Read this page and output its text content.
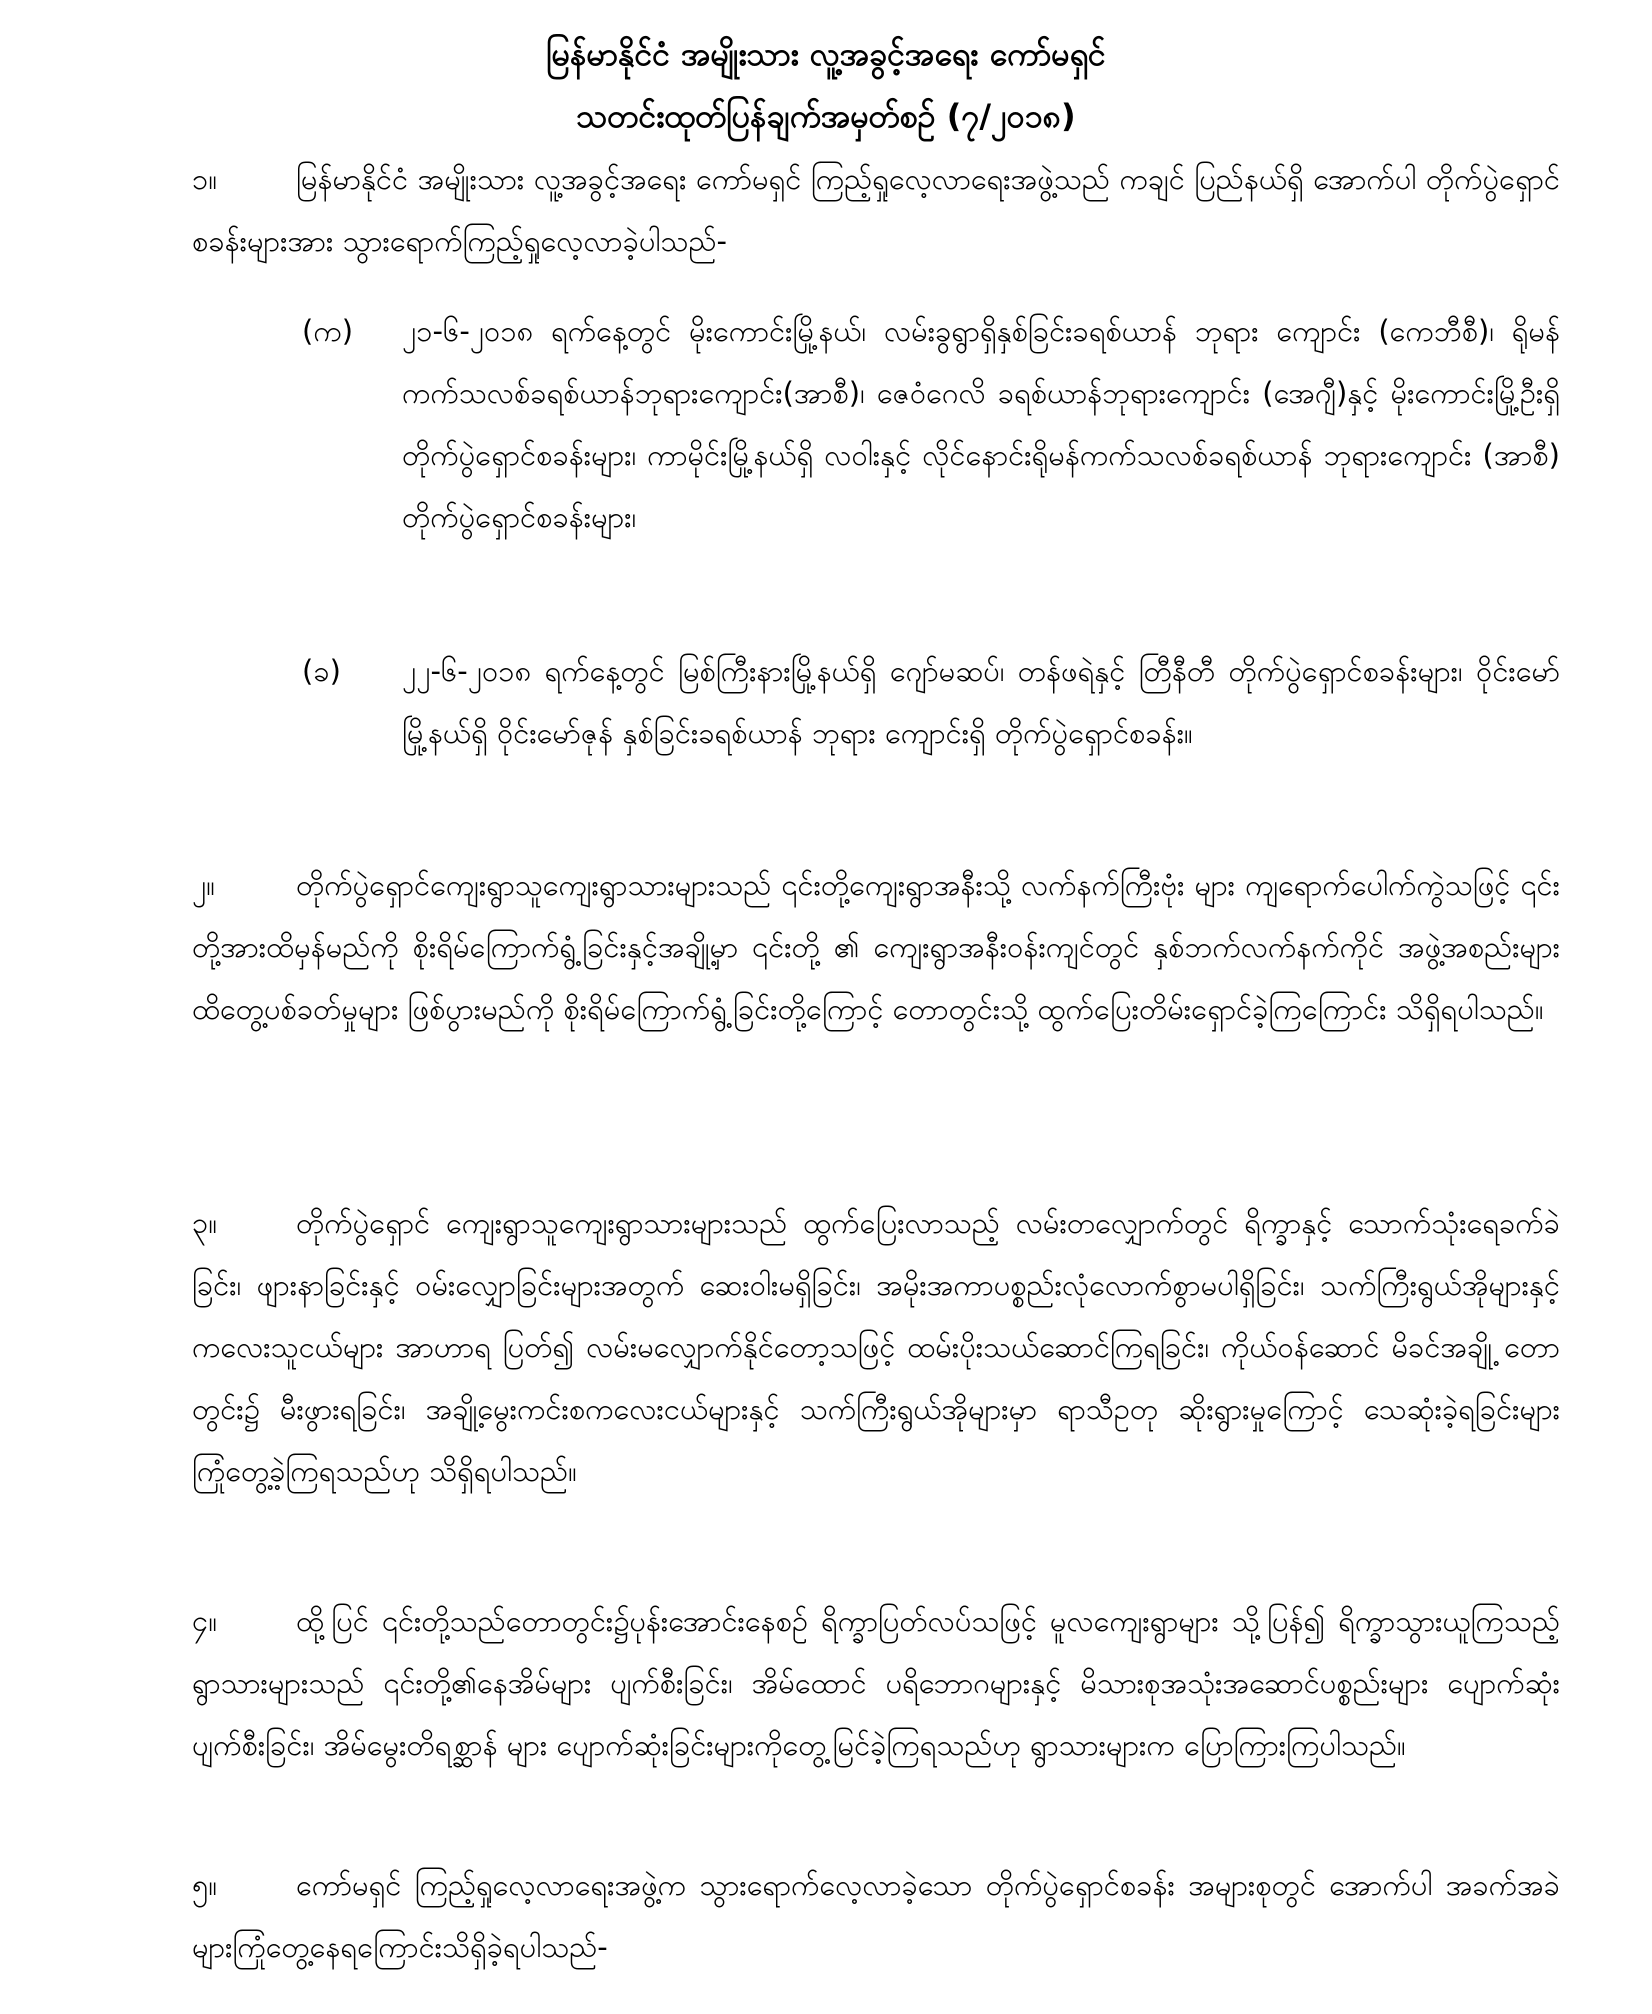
မြန်မာနိုင်ငံ အမျိုးသား လူ့အခွင့်အရေး ကော်မရှင်
သတင်းထုတ်ပြန်ချက်အမှတ်စဉ် (၇/၂၀၁၈)
၁။	မြန်မာနိုင်ငံ အမျိုးသား လူ့အခွင့်အရေး ကော်မရှင် ကြည့်ရှုလေ့လာရေးအဖွဲ့သည် ကချင် ပြည်နယ်ရှိ အောက်ပါ တိုက်ပွဲရှောင်စခန်းများအား သွားရောက်ကြည့်ရှုလေ့လာခဲ့ပါသည်-
(က)	၂၁-၆-၂၀၁၈ ရက်နေ့တွင် မိုးကောင်းမြို့နယ်၊ လမ်းခွရွာရှိနှစ်ခြင်းခရစ်ယာန် ဘုရား ကျောင်း (ကေဘီစီ)၊ ရိုမန်ကက်သလစ်ခရစ်ယာန်ဘုရားကျောင်း(အာစီ)၊ ဇေဝံဂေလိ ခရစ်ယာန်ဘုရားကျောင်း (အေဂျီ)နှင့် မိုးကောင်းမြို့ဦးရှိ တိုက်ပွဲရှောင်စခန်းများ၊ ကာမိုင်းမြို့နယ်ရှိ လဝါးနှင့် လိုင်နောင်းရိုမန်ကက်သလစ်ခရစ်ယာန် ဘုရားကျောင်း (အာစီ) တိုက်ပွဲရှောင်စခန်းများ၊
(ခ)	၂၂-၆-၂၀၁၈ ရက်နေ့တွင် မြစ်ကြီးနားမြို့နယ်ရှိ ဂျော်မဆပ်၊ တန်ဖရဲနှင့် တြီနီတီ တိုက်ပွဲရှောင်စခန်းများ၊ ဝိုင်းမော်မြို့နယ်ရှိ ဝိုင်းမော်ဇုန် နှစ်ခြင်းခရစ်ယာန် ဘုရား ကျောင်းရှိ တိုက်ပွဲရှောင်စခန်း။
၂။	တိုက်ပွဲရှောင်ကျေးရွာသူကျေးရွာသားများသည် ၎င်းတို့ကျေးရွာအနီးသို့ လက်နက်ကြီးဗုံး များ ကျရောက်ပေါက်ကွဲသဖြင့် ၎င်းတို့အားထိမှန်မည်ကို စိုးရိမ်ကြောက်ရွံ့ခြင်းနှင့်အချို့မှာ ၎င်းတို့ ၏ ကျေးရွာအနီးဝန်းကျင်တွင် နှစ်ဘက်လက်နက်ကိုင် အဖွဲ့အစည်းများ ထိတွေ့ပစ်ခတ်မှုများ ဖြစ်ပွားမည်ကို စိုးရိမ်ကြောက်ရွံ့ခြင်းတို့ကြောင့် တောတွင်းသို့ ထွက်ပြေးတိမ်းရှောင်ခဲ့ကြကြောင်း သိရှိရပါသည်။
၃။	တိုက်ပွဲရှောင် ကျေးရွာသူကျေးရွာသားများသည် ထွက်ပြေးလာသည့် လမ်းတလျှောက်တွင် ရိက္ခာနှင့် သောက်သုံးရေခက်ခဲခြင်း၊ ဖျားနာခြင်းနှင့် ဝမ်းလျှောခြင်းများအတွက် ဆေးဝါးမရှိခြင်း၊ အမိုးအကာပစ္စည်းလုံလောက်စွာမပါရှိခြင်း၊ သက်ကြီးရွယ်အိုများနှင့် ကလေးသူငယ်များ အာဟာရ ပြတ်၍ လမ်းမလျှောက်နိုင်တော့သဖြင့် ထမ်းပိုးသယ်ဆောင်ကြရခြင်း၊ ကိုယ်ဝန်ဆောင် မိခင်အချို့ တောတွင်း၌ မီးဖွားရခြင်း၊ အချို့မွေးကင်းစကလေးငယ်များနှင့် သက်ကြီးရွယ်အိုများမှာ ရာသီဥတု ဆိုးရွားမှုကြောင့် သေဆုံးခဲ့ရခြင်းများ ကြုံတွေ့ခဲ့ကြရသည်ဟု သိရှိရပါသည်။
၄။	ထို့ပြင် ၎င်းတို့သည်တောတွင်း၌ပုန်းအောင်းနေစဉ် ရိက္ခာပြတ်လပ်သဖြင့် မူလကျေးရွာများ သို့ပြန်၍ ရိက္ခာသွားယူကြသည့် ရွာသားများသည် ၎င်းတို့၏နေအိမ်များ ပျက်စီးခြင်း၊ အိမ်ထောင် ပရိဘောဂများနှင့် မိသားစုအသုံးအဆောင်ပစ္စည်းများ ပျောက်ဆုံးပျက်စီးခြင်း၊ အိမ်မွေးတိရစ္ဆာန် များ ပျောက်ဆုံးခြင်းများကိုတွေ့မြင်ခဲ့ကြရသည်ဟု ရွာသားများက ပြောကြားကြပါသည်။
၅။	ကော်မရှင် ကြည့်ရှုလေ့လာရေးအဖွဲ့က သွားရောက်လေ့လာခဲ့သော တိုက်ပွဲရှောင်စခန်း အများစုတွင် အောက်ပါ အခက်အခဲများကြုံတွေ့နေရကြောင်းသိရှိခဲ့ရပါသည်-
